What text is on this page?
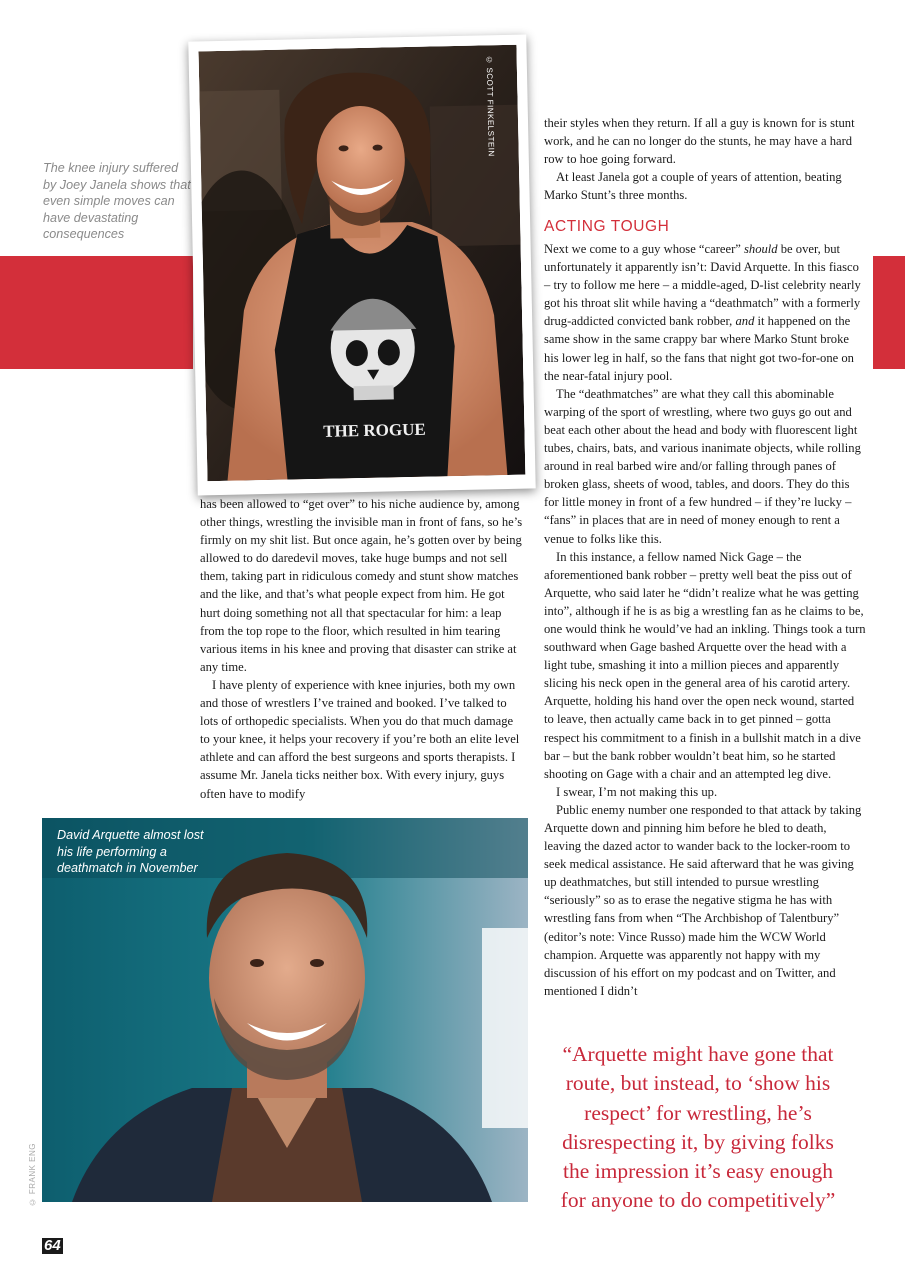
The knee injury suffered by Joey Janela shows that even simple moves can have devastating consequences
THE ROGUE
© SCOTT FINKELSTEIN

has been allowed to “get over” to his niche audience by, among other things, wrestling the invisible man in front of fans, so he’s firmly on my shit list. But once again, he’s gotten over by being allowed to do daredevil moves, take huge bumps and not sell them, taking part in ridiculous comedy and stunt show matches and the like, and that’s what people expect from him. He got hurt doing something not all that spectacular for him: a leap from the top rope to the floor, which resulted in him tearing various items in his knee and proving that disaster can strike at any time.

I have plenty of experience with knee injuries, both my own and those of wrestlers I’ve trained and booked. I’ve talked to lots of orthopedic specialists. When you do that much damage to your knee, it helps your recovery if you’re both an elite level athlete and can afford the best surgeons and sports therapists. I assume Mr. Janela ticks neither box. With every injury, guys often have to modify

David Arquette almost lost his life performing a deathmatch in November
© FRANK ENG

their styles when they return. If all a guy is known for is stunt work, and he can no longer do the stunts, he may have a hard row to hoe going forward.

At least Janela got a couple of years of attention, beating Marko Stunt’s three months.

ACTING TOUGH

Next we come to a guy whose “career” should be over, but unfortunately it apparently isn’t: David Arquette. In this fiasco – try to follow me here – a middle-aged, D-list celebrity nearly got his throat slit while having a “deathmatch” with a formerly drug-addicted convicted bank robber, and it happened on the same show in the same crappy bar where Marko Stunt broke his lower leg in half, so the fans that night got two-for-one on the near-fatal injury pool.

The “deathmatches” are what they call this abominable warping of the sport of wrestling, where two guys go out and beat each other about the head and body with fluorescent light tubes, chairs, bats, and various inanimate objects, while rolling around in real barbed wire and/or falling through panes of broken glass, sheets of wood, tables, and doors. They do this for little money in front of a few hundred – if they’re lucky – “fans” in places that are in need of money enough to rent a venue to folks like this.

In this instance, a fellow named Nick Gage – the aforementioned bank robber – pretty well beat the piss out of Arquette, who said later he “didn’t realize what he was getting into”, although if he is as big a wrestling fan as he claims to be, one would think he would’ve had an inkling. Things took a turn southward when Gage bashed Arquette over the head with a light tube, smashing it into a million pieces and apparently slicing his neck open in the general area of his carotid artery. Arquette, holding his hand over the open neck wound, started to leave, then actually came back in to get pinned – gotta respect his commitment to a finish in a bullshit match in a dive bar – but the bank robber wouldn’t beat him, so he started shooting on Gage with a chair and an attempted leg dive.

I swear, I’m not making this up.

Public enemy number one responded to that attack by taking Arquette down and pinning him before he bled to death, leaving the dazed actor to wander back to the locker-room to seek medical assistance. He said afterward that he was giving up deathmatches, but still intended to pursue wrestling “seriously” so as to erase the negative stigma he has with wrestling fans from when “The Archbishop of Talentbury” (editor’s note: Vince Russo) made him the WCW World champion. Arquette was apparently not happy with my discussion of his effort on my podcast and on Twitter, and mentioned I didn’t

“Arquette might have gone that route, but instead, to ‘show his respect’ for wrestling, he’s disrespecting it, by giving folks the impression it’s easy enough for anyone to do competitively”
64
